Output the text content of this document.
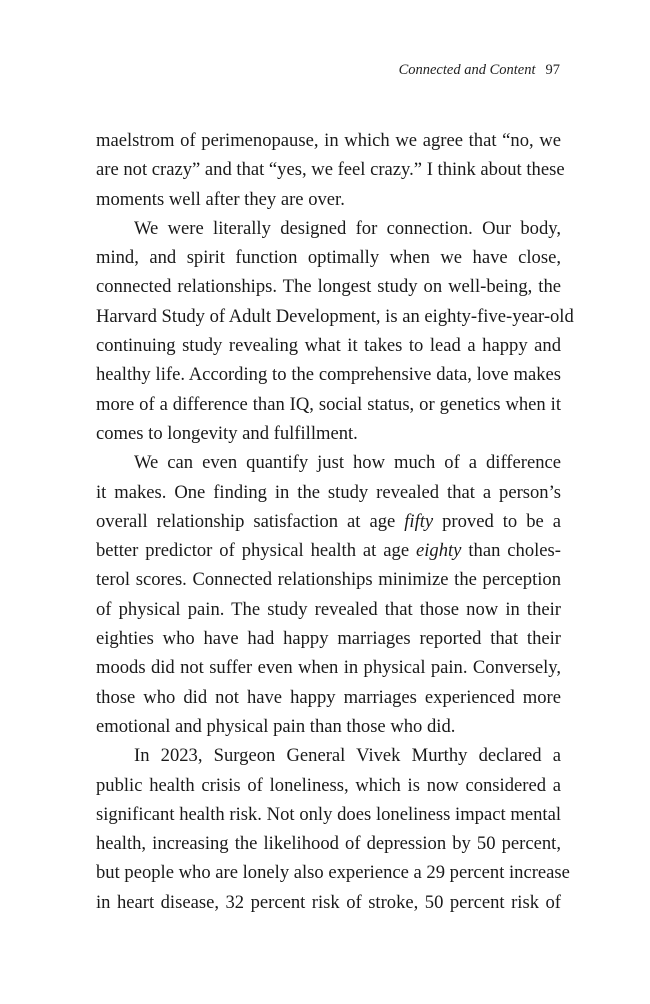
Connected and Content 97
maelstrom of perimenopause, in which we agree that “no, we
are not crazy” and that “yes, we feel crazy.” I think about these
moments well after they are over.
We were literally designed for connection. Our body,
mind, and spirit function optimally when we have close,
connected relationships. The longest study on well-being, the
Harvard Study of Adult Development, is an eighty-five-year-old
continuing study revealing what it takes to lead a happy and
healthy life. According to the comprehensive data, love makes
more of a difference than IQ, social status, or genetics when it
comes to longevity and fulfillment.
We can even quantify just how much of a difference
it makes. One finding in the study revealed that a person’s
overall relationship satisfaction at age fifty proved to be a
better predictor of physical health at age eighty than choles-
terol scores. Connected relationships minimize the perception
of physical pain. The study revealed that those now in their
eighties who have had happy marriages reported that their
moods did not suffer even when in physical pain. Conversely,
those who did not have happy marriages experienced more
emotional and physical pain than those who did.
In 2023, Surgeon General Vivek Murthy declared a
public health crisis of loneliness, which is now considered a
significant health risk. Not only does loneliness impact mental
health, increasing the likelihood of depression by 50 percent,
but people who are lonely also experience a 29 percent increase
in heart disease, 32 percent risk of stroke, 50 percent risk of
